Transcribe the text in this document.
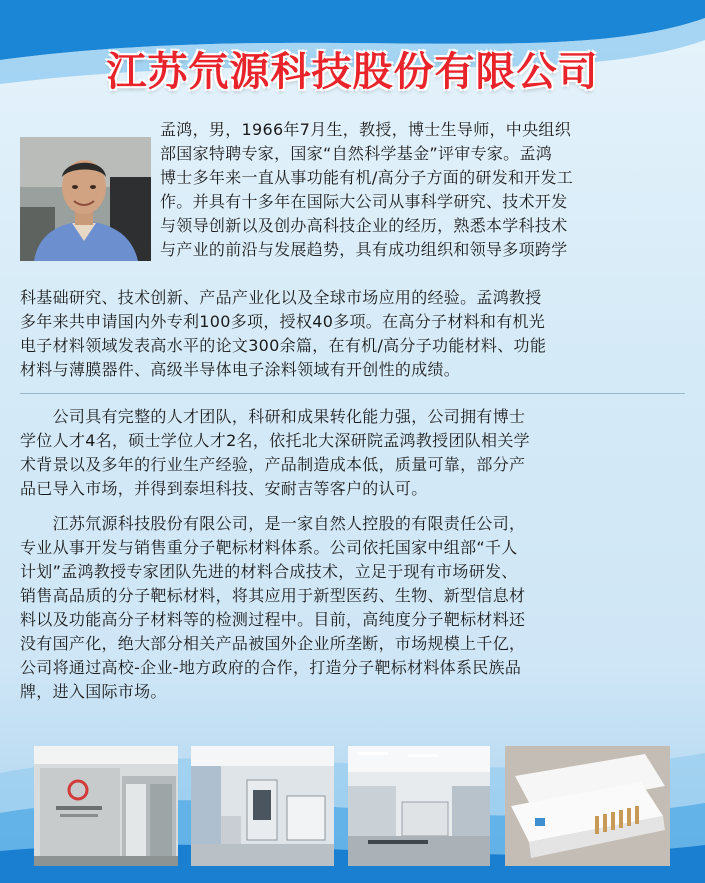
江苏氘源科技股份有限公司
孟鸿，男，1966年7月生，教授，博士生导师，中央组织
部国家特聘专家，国家“自然科学基金”评审专家。孟鸿
博士多年来一直从事功能有机/高分子方面的研发和开发工
作。并具有十多年在国际大公司从事科学研究、技术开发
与领导创新以及创办高科技企业的经历，熟悉本学科技术
与产业的前沿与发展趋势，具有成功组织和领导多项跨学
科基础研究、技术创新、产品产业化以及全球市场应用的经验。孟鸿教授
多年来共申请国内外专利100多项，授权40多项。在高分子材料和有机光
电子材料领域发表高水平的论文300余篇，在有机/高分子功能材料、功能
材料与薄膜器件、高级半导体电子涂料领域有开创性的成绩。
　　公司具有完整的人才团队，科研和成果转化能力强，公司拥有博士
学位人才4名，硕士学位人才2名，依托北大深研院孟鸿教授团队相关学
术背景以及多年的行业生产经验，产品制造成本低，质量可靠，部分产
品已导入市场，并得到泰坦科技、安耐吉等客户的认可。
　　江苏氘源科技股份有限公司，是一家自然人控股的有限责任公司，
专业从事开发与销售重分子靶标材料体系。公司依托国家中组部“千人
计划”孟鸿教授专家团队先进的材料合成技术，立足于现有市场研发、
销售高品质的分子靶标材料，将其应用于新型医药、生物、新型信息材
料以及功能高分子材料等的检测过程中。目前，高纯度分子靶标材料还
没有国产化，绝大部分相关产品被国外企业所垄断，市场规模上千亿，
公司将通过高校-企业-地方政府的合作，打造分子靶标材料体系民族品
牌，进入国际市场。
